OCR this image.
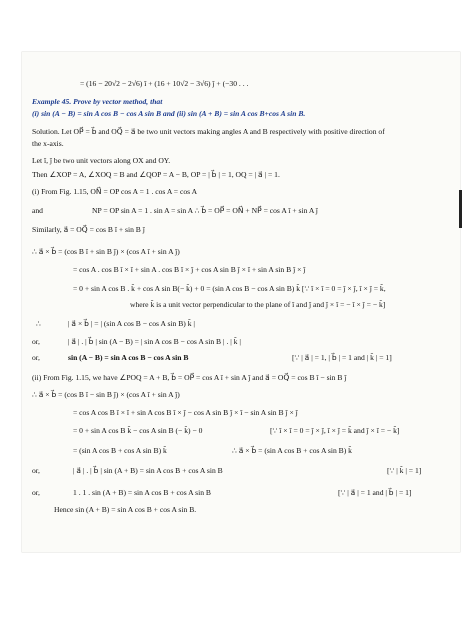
= (16 − 20√2 − 2√6) î + (16 + 10√2 − 3√6) ĵ + (−30 . . .
Example 45. Prove by vector method, that
(i) sin (A − B) = sin A cos B − cos A sin B and (ii) sin (A + B) = sin A cos B+cos A sin B.
Solution. Let OP⃗ = b⃗ and OQ⃗ = a⃗ be two unit vectors making angles A and B respectively with positive direction of
the x-axis.
Let î, ĵ be two unit vectors along OX and OY.
Then ∠XOP = A, ∠XOQ = B and ∠QOP = A − B, OP = | b⃗ | = 1, OQ = | a⃗ | = 1.
(i) From Fig. 1.15, ON⃗ = OP cos A = 1 . cos A = cos A
and	NP = OP sin A = 1 . sin A = sin A ∴ b⃗ = OP⃗ = ON⃗ + NP⃗ = cos A î + sin A ĵ
Similarly, a⃗ = OQ⃗ = cos B î + sin B ĵ
∴ a⃗ × b⃗ = (cos B î + sin B ĵ) × (cos A î + sin A ĵ)
= cos A . cos B î × î + sin A . cos B î × ĵ + cos A sin B ĵ × î + sin A sin B ĵ × ĵ
= 0 + sin A cos B . k̂ + cos A sin B(− k̂) + 0 = (sin A cos B − cos A sin B) k̂ [∵ î × î = 0 = ĵ × ĵ, î × ĵ = k̂,
where k̂ is a unit vector perpendicular to the plane of î and ĵ and ĵ × î = − î × ĵ = − k̂]
∴	| a⃗ × b⃗ | = | (sin A cos B − cos A sin B) k̂ |
or,	| a⃗ | . | b⃗ | sin (A − B) = | sin A cos B − cos A sin B | . | k̂ |
or,	sin (A − B) = sin A cos B − cos A sin B	[∵ | a⃗ | = 1, | b⃗ | = 1 and | k̂ | = 1]
(ii) From Fig. 1.15, we have ∠POQ = A + B, b⃗ = OP⃗ = cos A î + sin A ĵ and a⃗ = OQ⃗ = cos B î − sin B ĵ
∴ a⃗ × b⃗ = (cos B î − sin B ĵ) × (cos A î + sin A ĵ)
= cos A cos B î × î + sin A cos B î × ĵ − cos A sin B ĵ × î − sin A sin B ĵ × ĵ
= 0 + sin A cos B k̂ − cos A sin B (− k̂) − 0	[∵ î × î = 0 = ĵ × ĵ, î × ĵ = k̂ and ĵ × î = − k̂]
= (sin A cos B + cos A sin B) k̂	∴ a⃗ × b⃗ = (sin A cos B + cos A sin B) k̂
or,	| a⃗ | . | b⃗ | sin (A + B) = sin A cos B + cos A sin B	[∵ | k̂ | = 1]
or,	1 . 1 . sin (A + B) = sin A cos B + cos A sin B	[∵ | a⃗ | = 1 and | b⃗ | = 1]
Hence sin (A + B) = sin A cos B + cos A sin B.
